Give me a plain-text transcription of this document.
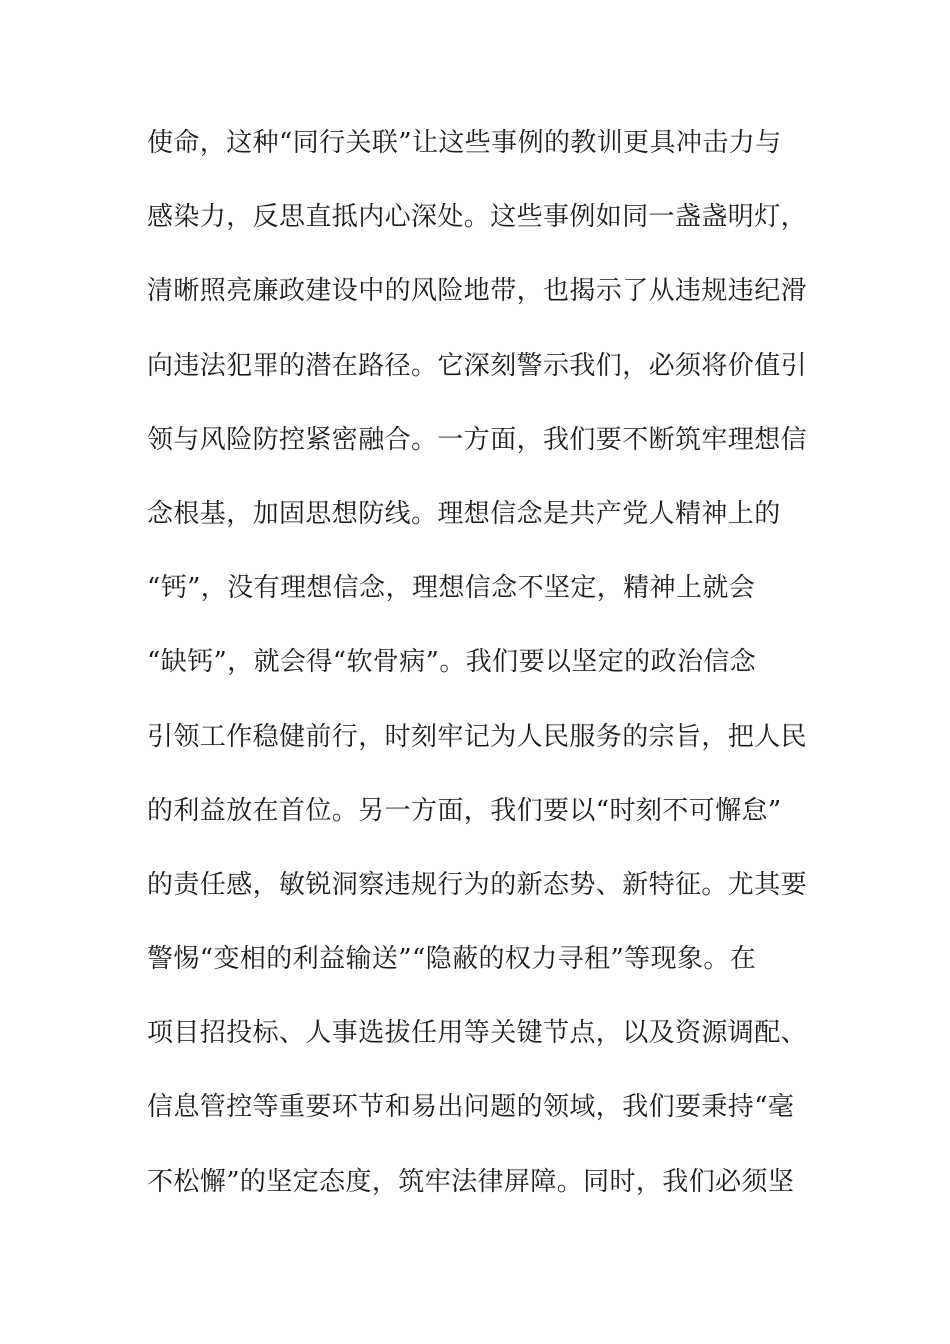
使命，这种“同行关联”让这些事例的教训更具冲击力与
感染力，反思直抵内心深处。这些事例如同一盏盏明灯，
清晰照亮廉政建设中的风险地带，也揭示了从违规违纪滑
向违法犯罪的潜在路径。它深刻警示我们，必须将价值引
领与风险防控紧密融合。一方面，我们要不断筑牢理想信
念根基，加固思想防线。理想信念是共产党人精神上的
“钙”，没有理想信念，理想信念不坚定，精神上就会
“缺钙”，就会得“软骨病”。我们要以坚定的政治信念
引领工作稳健前行，时刻牢记为人民服务的宗旨，把人民
的利益放在首位。另一方面，我们要以“时刻不可懈怠”
的责任感，敏锐洞察违规行为的新态势、新特征。尤其要
警惕“变相的利益输送”“隐蔽的权力寻租”等现象。在
项目招投标、人事选拔任用等关键节点，以及资源调配、
信息管控等重要环节和易出问题的领域，我们要秉持“毫
不松懈”的坚定态度，筑牢法律屏障。同时，我们必须坚
